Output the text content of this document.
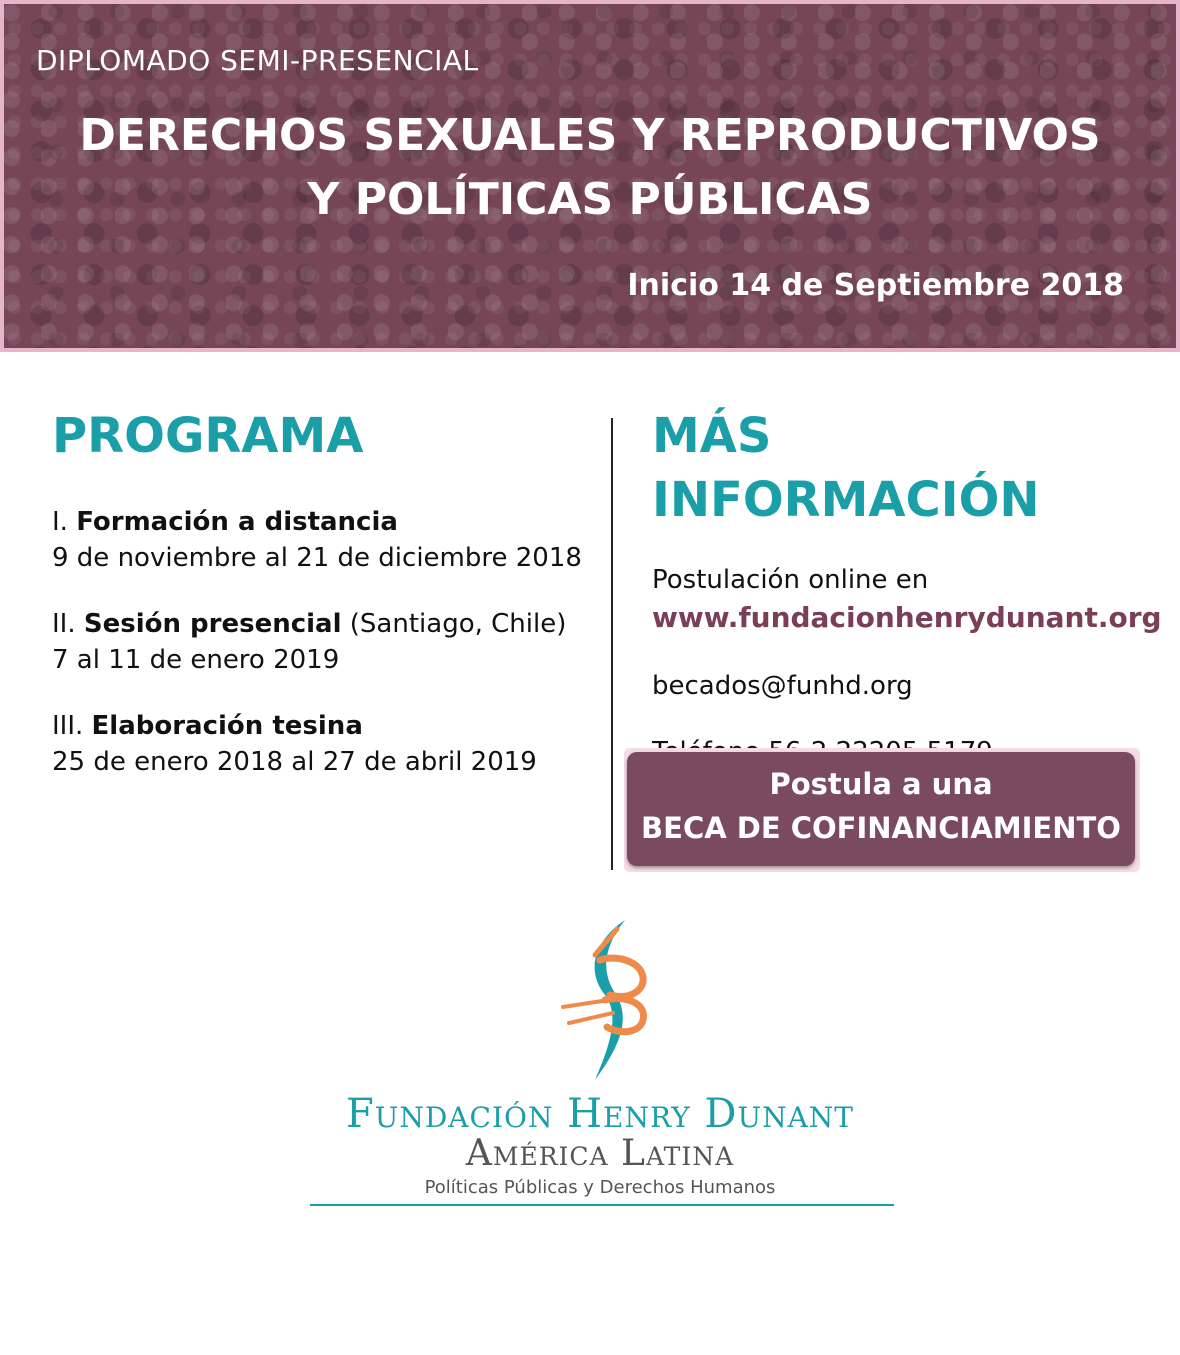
DIPLOMADO SEMI-PRESENCIAL
DERECHOS SEXUALES Y REPRODUCTIVOS
Y POLÍTICAS PÚBLICAS
Inicio 14 de Septiembre 2018
PROGRAMA
I. Formación a distancia
9 de noviembre al 21 de diciembre 2018
II. Sesión presencial (Santiago, Chile)
7 al 11 de enero 2019
III. Elaboración tesina
25 de enero 2018 al 27 de abril 2019
MÁS INFORMACIÓN
Postulación online en
www.fundacionhenrydunant.org
becados@funhd.org
Postula a una
BECA DE COFINANCIAMIENTO
Fundación Henry Dunant
América Latina
Políticas Públicas y Derechos Humanos
